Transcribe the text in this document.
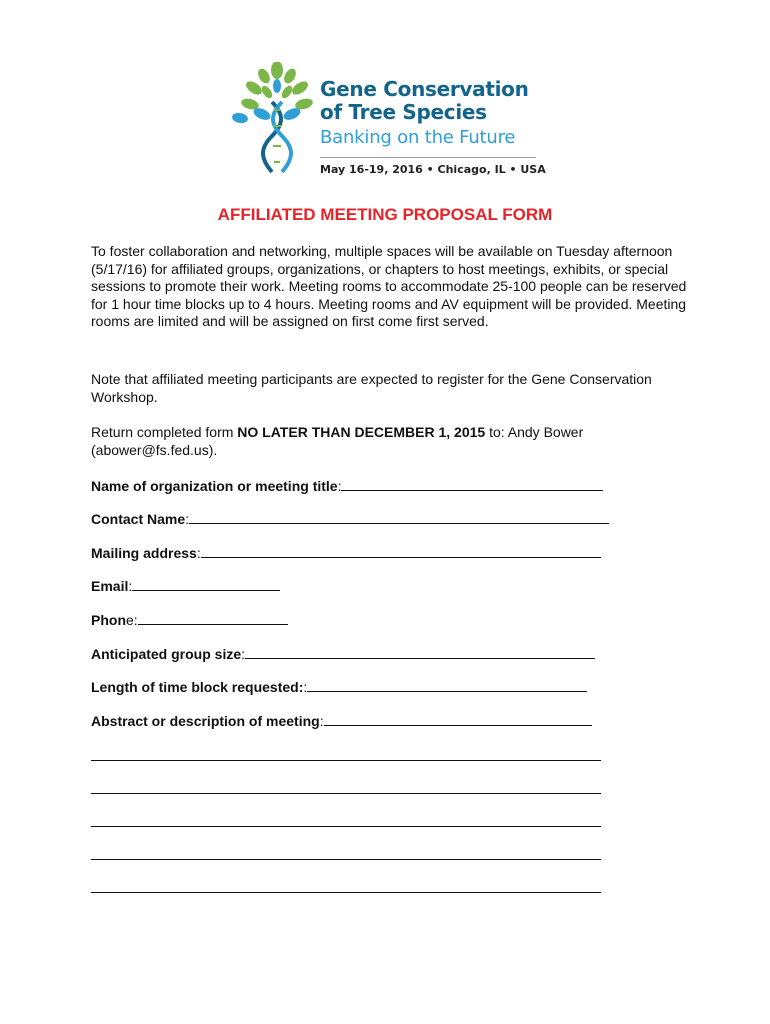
Gene Conservation
of Tree Species
Banking on the Future
May 16-19, 2016 • Chicago, IL • USA
AFFILIATED MEETING PROPOSAL FORM

To foster collaboration and networking, multiple spaces will be available on Tuesday afternoon (5/17/16) for affiliated groups, organizations, or chapters to host meetings, exhibits, or special sessions to promote their work. Meeting rooms to accommodate 25-100 people can be reserved for 1 hour time blocks up to 4 hours. Meeting rooms and AV equipment will be provided. Meeting rooms are limited and will be assigned on first come first served.

Note that affiliated meeting participants are expected to register for the Gene Conservation Workshop.

Return completed form NO LATER THAN DECEMBER 1, 2015 to: Andy Bower (abower@fs.fed.us).

Name of organization or meeting title:
Contact Name:
Mailing address:
Email:
Phone:
Anticipated group size:
Length of time block requested::
Abstract or description of meeting:
